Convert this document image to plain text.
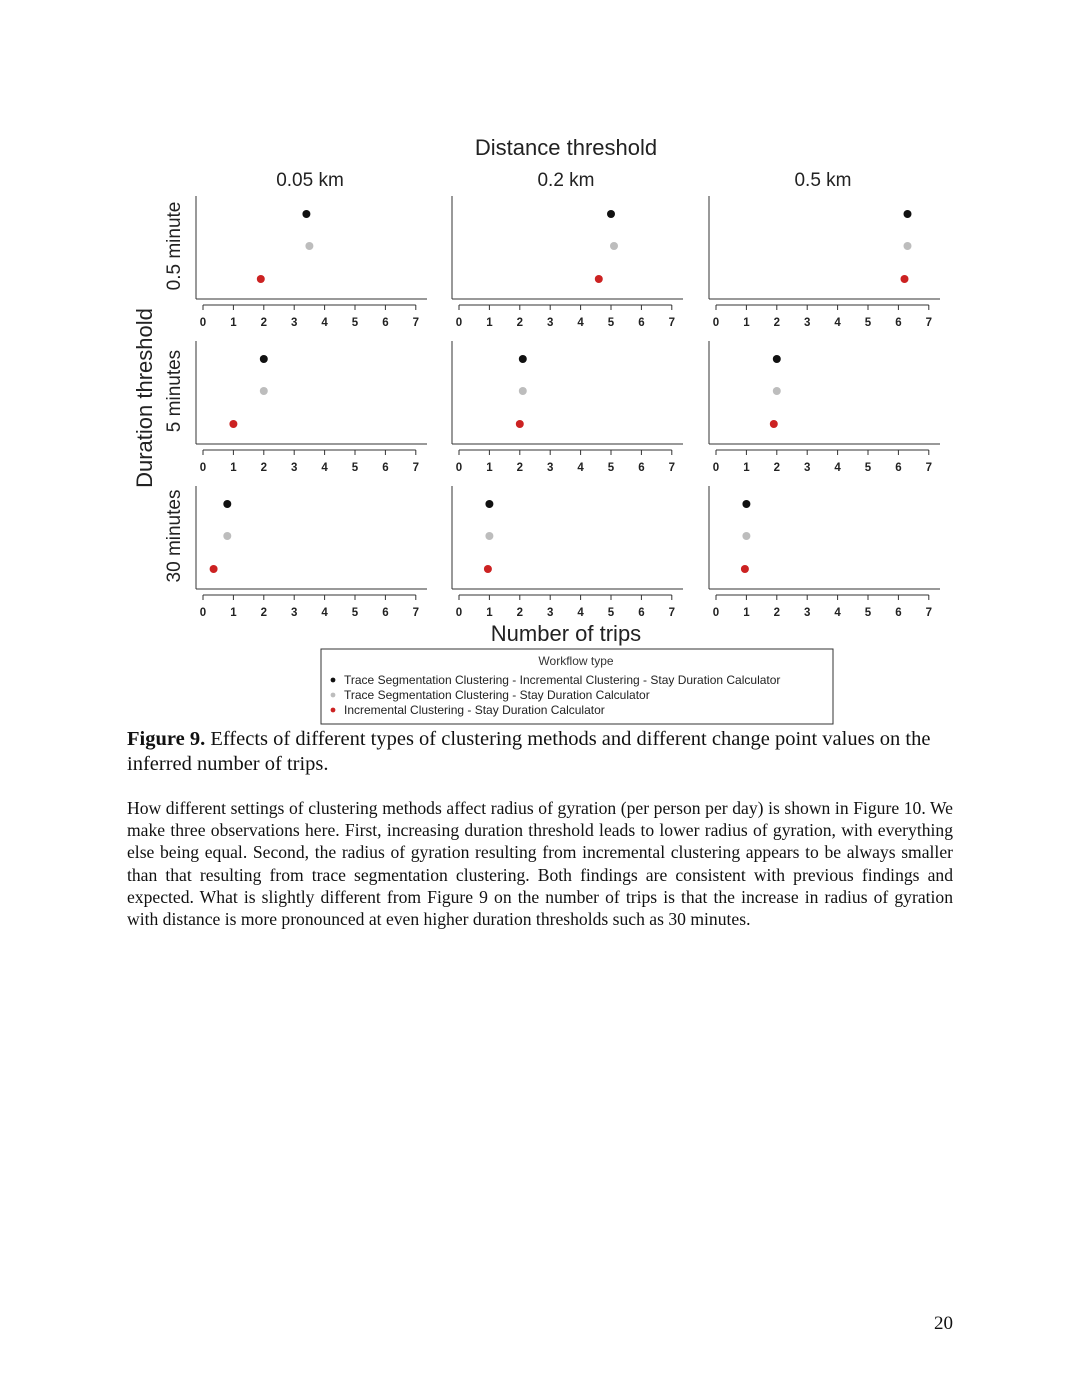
Distance threshold
Duration threshold
Number of trips
0.05 km	0.2 km	0.5 km
0.5 minute
5 minutes
30 minutes
0 1 2 3 4 5 6 7	0 1 2 3 4 5 6 7	0 1 2 3 4 5 6 7
0 1 2 3 4 5 6 7	0 1 2 3 4 5 6 7	0 1 2 3 4 5 6 7
0 1 2 3 4 5 6 7	0 1 2 3 4 5 6 7	0 1 2 3 4 5 6 7
Workflow type
Trace Segmentation Clustering - Incremental Clustering - Stay Duration Calculator
Trace Segmentation Clustering - Stay Duration Calculator
Incremental Clustering - Stay Duration Calculator
Figure 9. Effects of different types of clustering methods and different change point values on the inferred number of trips.
How different settings of clustering methods affect radius of gyration (per person per day) is shown in Figure 10. We make three observations here. First, increasing duration threshold leads to lower radius of gyration, with everything else being equal. Second, the radius of gyration resulting from incremental clustering appears to be always smaller than that resulting from trace segmentation clustering. Both findings are consistent with previous findings and expected. What is slightly different from Figure 9 on the number of trips is that the increase in radius of gyration with distance is more pronounced at even higher duration thresholds such as 30 minutes.
20
